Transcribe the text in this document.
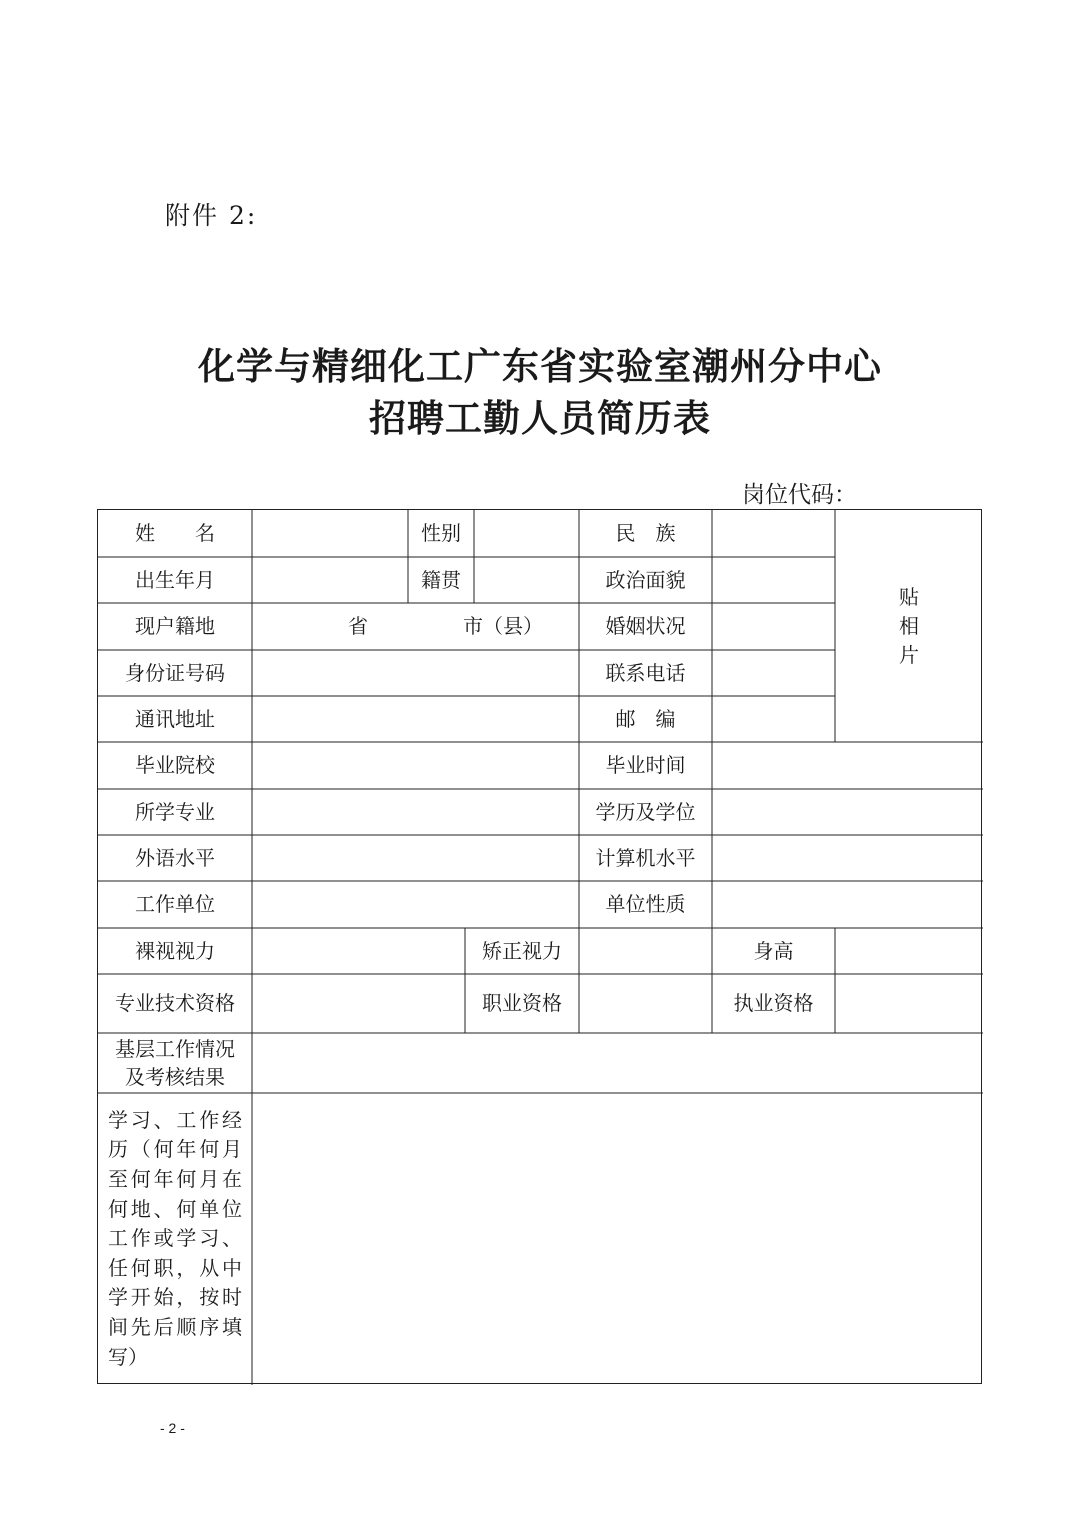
附件 2:
化学与精细化工广东省实验室潮州分中心
招聘工勤人员简历表
岗位代码：
姓　　名	性别	民　族
贴
相
片
出生年月	籍贯	政治面貌
现户籍地	省	市（县）	婚姻状况
身份证号码	联系电话
通讯地址	邮　编
毕业院校	毕业时间
所学专业	学历及学位
外语水平	计算机水平
工作单位	单位性质
裸视视力	矫正视力	身高
专业技术资格	职业资格	执业资格
基层工作情况及考核结果
学习、工作经历（何年何月至何年何月在何地、何单位工作或学习、任何职，从中学开始，按时间先后顺序填写）
- 2 -
